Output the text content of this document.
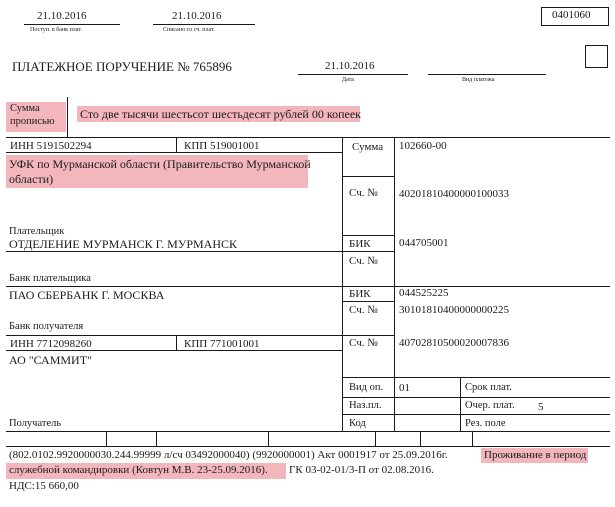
0401060
21.10.2016
Поступ. в банк плат.
21.10.2016
Списано со сч. плат.
ПЛАТЕЖНОЕ ПОРУЧЕНИЕ № 765896	21.10.2016
Дата	Вид платежа
Сумма
прописью
Сто две тысячи шестьсот шестьдесят рублей 00 копеек
ИНН 5191502294	КПП 519001001
УФК по Мурманской области (Правительство Мурманской
области)
Плательщик
Сумма 102660-00
Сч. № 40201810400000100033
ОТДЕЛЕНИЕ МУРМАНСК Г. МУРМАНСК
Банк плательщика
БИК	044705001
Сч. №
ПАО СБЕРБАНК Г. МОСКВА
Банк получателя
БИК	044525225
Сч. № 30101810400000000225
ИНН 7712098260	КПП 771001001	Сч. № 40702810500020007836
АО "САММИТ"
Получатель
Вид оп. 01
Наз.пл.
Код
Срок плат.
Очер. плат. 5
Рез. поле
(802.0102.9920000030.244.99999 л/сч 03492000040) (9920000001) Акт 0001917 от 25.09.2016г.	Проживание в период
служебной командировки (Ковтун М.В. 23-25.09.2016). ГК 03-02-01/3-П от 02.08.2016.
НДС:15 660,00
